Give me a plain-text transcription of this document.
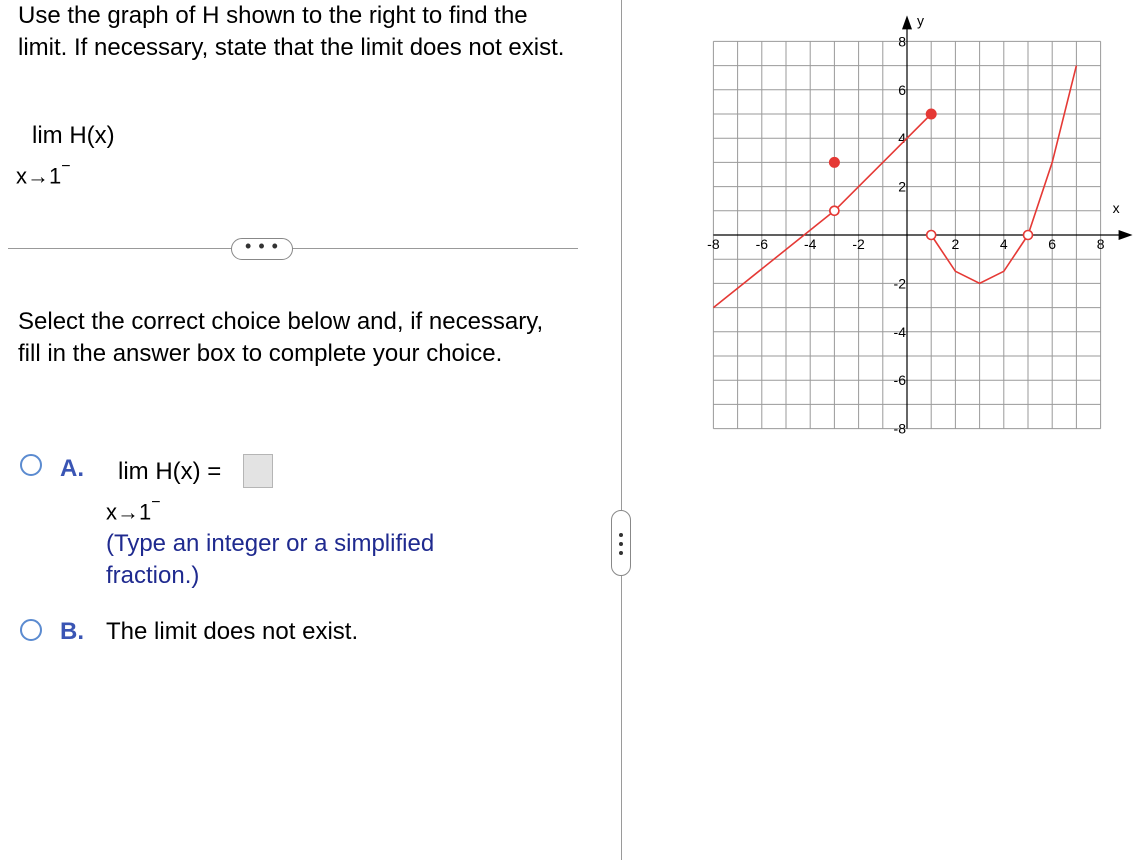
Use the graph of H shown to the right to find the limit. If necessary, state that the limit does not exist.
lim H(x)
x→1−
• • •
Select the correct choice below and, if necessary, fill in the answer box to complete your choice.
A. lim H(x) =
x→1−
(Type an integer or a simplified fraction.)
B. The limit does not exist.
x
y
-8	-6	-4	-2	2	4	6	8
8
6
4
2
-2
-4
-6
-8
